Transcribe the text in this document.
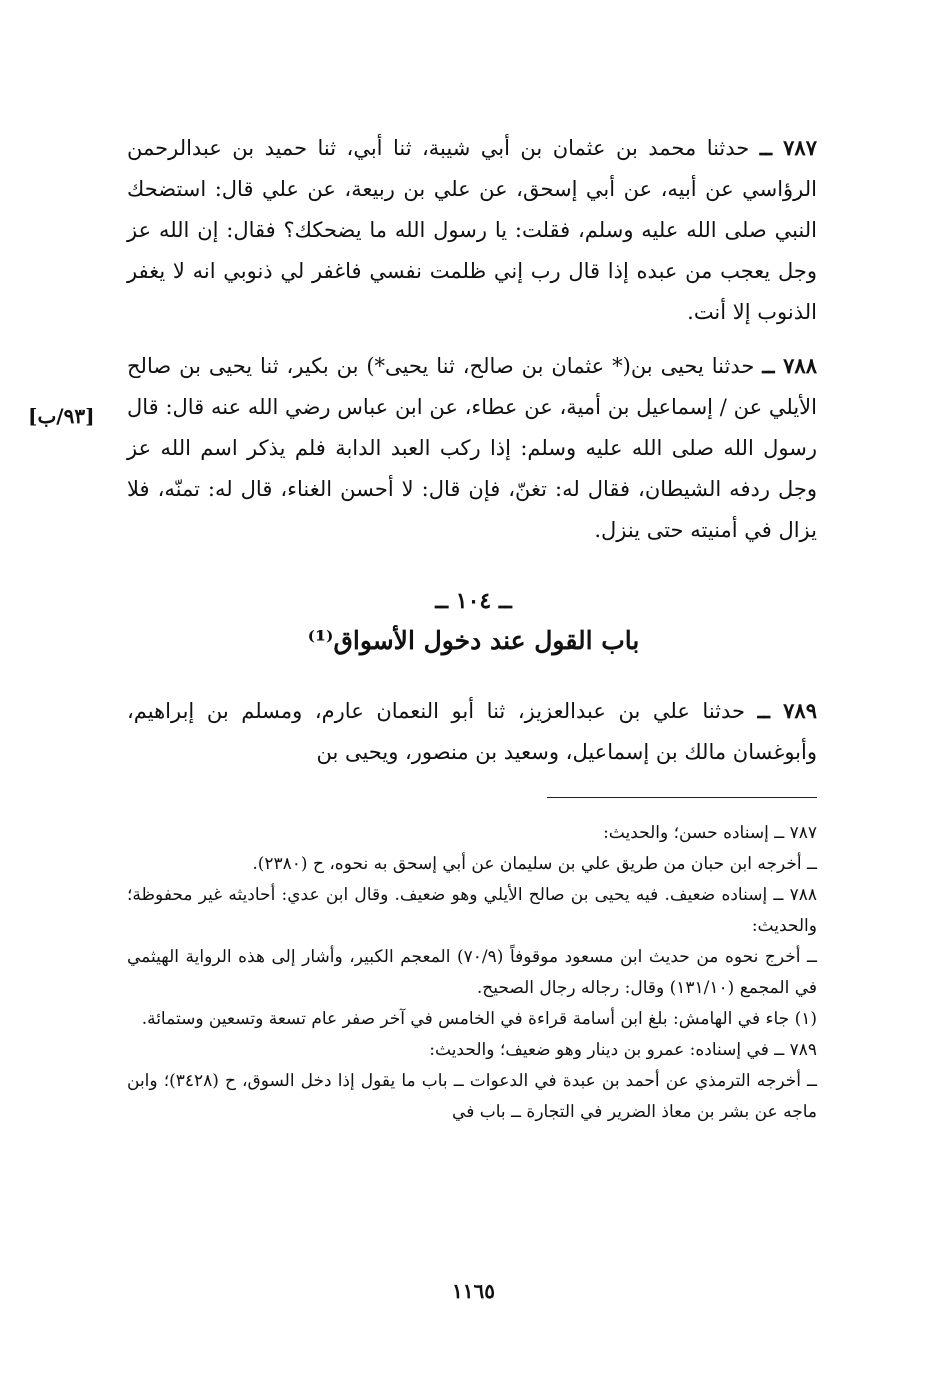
٧٨٧ ــ حدثنا محمد بن عثمان بن أبي شيبة، ثنا أبي، ثنا حميد بن عبدالرحمن الرؤاسي عن أبيه، عن أبي إسحق، عن علي بن ربيعة، عن علي قال: استضحك النبي صلى الله عليه وسلم، فقلت: يا رسول الله ما يضحكك؟ فقال: إن الله عز وجل يعجب من عبده إذا قال رب إني ظلمت نفسي فاغفر لي ذنوبي انه لا يغفر الذنوب إلا أنت.

٧٨٨ ــ حدثنا يحيى بن(* عثمان بن صالح، ثنا يحيى*) بن بكير، ثنا يحيى بن صالح الأيلي عن / إسماعيل بن أمية، عن عطاء، عن ابن عباس رضي الله عنه قال: قال رسول الله صلى الله عليه وسلم: إذا ركب العبد الدابة فلم يذكر اسم الله عز وجل ردفه الشيطان، فقال له: تغنّ، فإن قال: لا أحسن الغناء، قال له: تمنّه، فلا يزال في أمنيته حتى ينزل.

[٩٣/ب]
ــ ١٠٤ ــ
باب القول عند دخول الأسواق⁽¹⁾

٧٨٩ ــ حدثنا علي بن عبدالعزيز، ثنا أبو النعمان عارم، ومسلم بن إبراهيم، وأبوغسان مالك بن إسماعيل، وسعيد بن منصور، ويحيى بن

٧٨٧ ــ إسناده حسن؛ والحديث:

ــ أخرجه ابن حبان من طريق علي بن سليمان عن أبي إسحق به نحوه، ح (٢٣٨٠).

٧٨٨ ــ إسناده ضعيف. فيه يحيى بن صالح الأيلي وهو ضعيف. وقال ابن عدي: أحاديثه غير محفوظة؛ والحديث:

ــ أخرج نحوه من حديث ابن مسعود موقوفاً (٧٠/٩) المعجم الكبير، وأشار إلى هذه الرواية الهيثمي في المجمع (١٣١/١٠) وقال: رجاله رجال الصحيح.

(١) جاء في الهامش: بلغ ابن أسامة قراءة في الخامس في آخر صفر عام تسعة وتسعين وستمائة.

٧٨٩ ــ في إسناده: عمرو بن دينار وهو ضعيف؛ والحديث:

ــ أخرجه الترمذي عن أحمد بن عبدة في الدعوات ــ باب ما يقول إذا دخل السوق، ح (٣٤٢٨)؛ وابن ماجه عن بشر بن معاذ الضرير في التجارة ــ باب في

١١٦٥
